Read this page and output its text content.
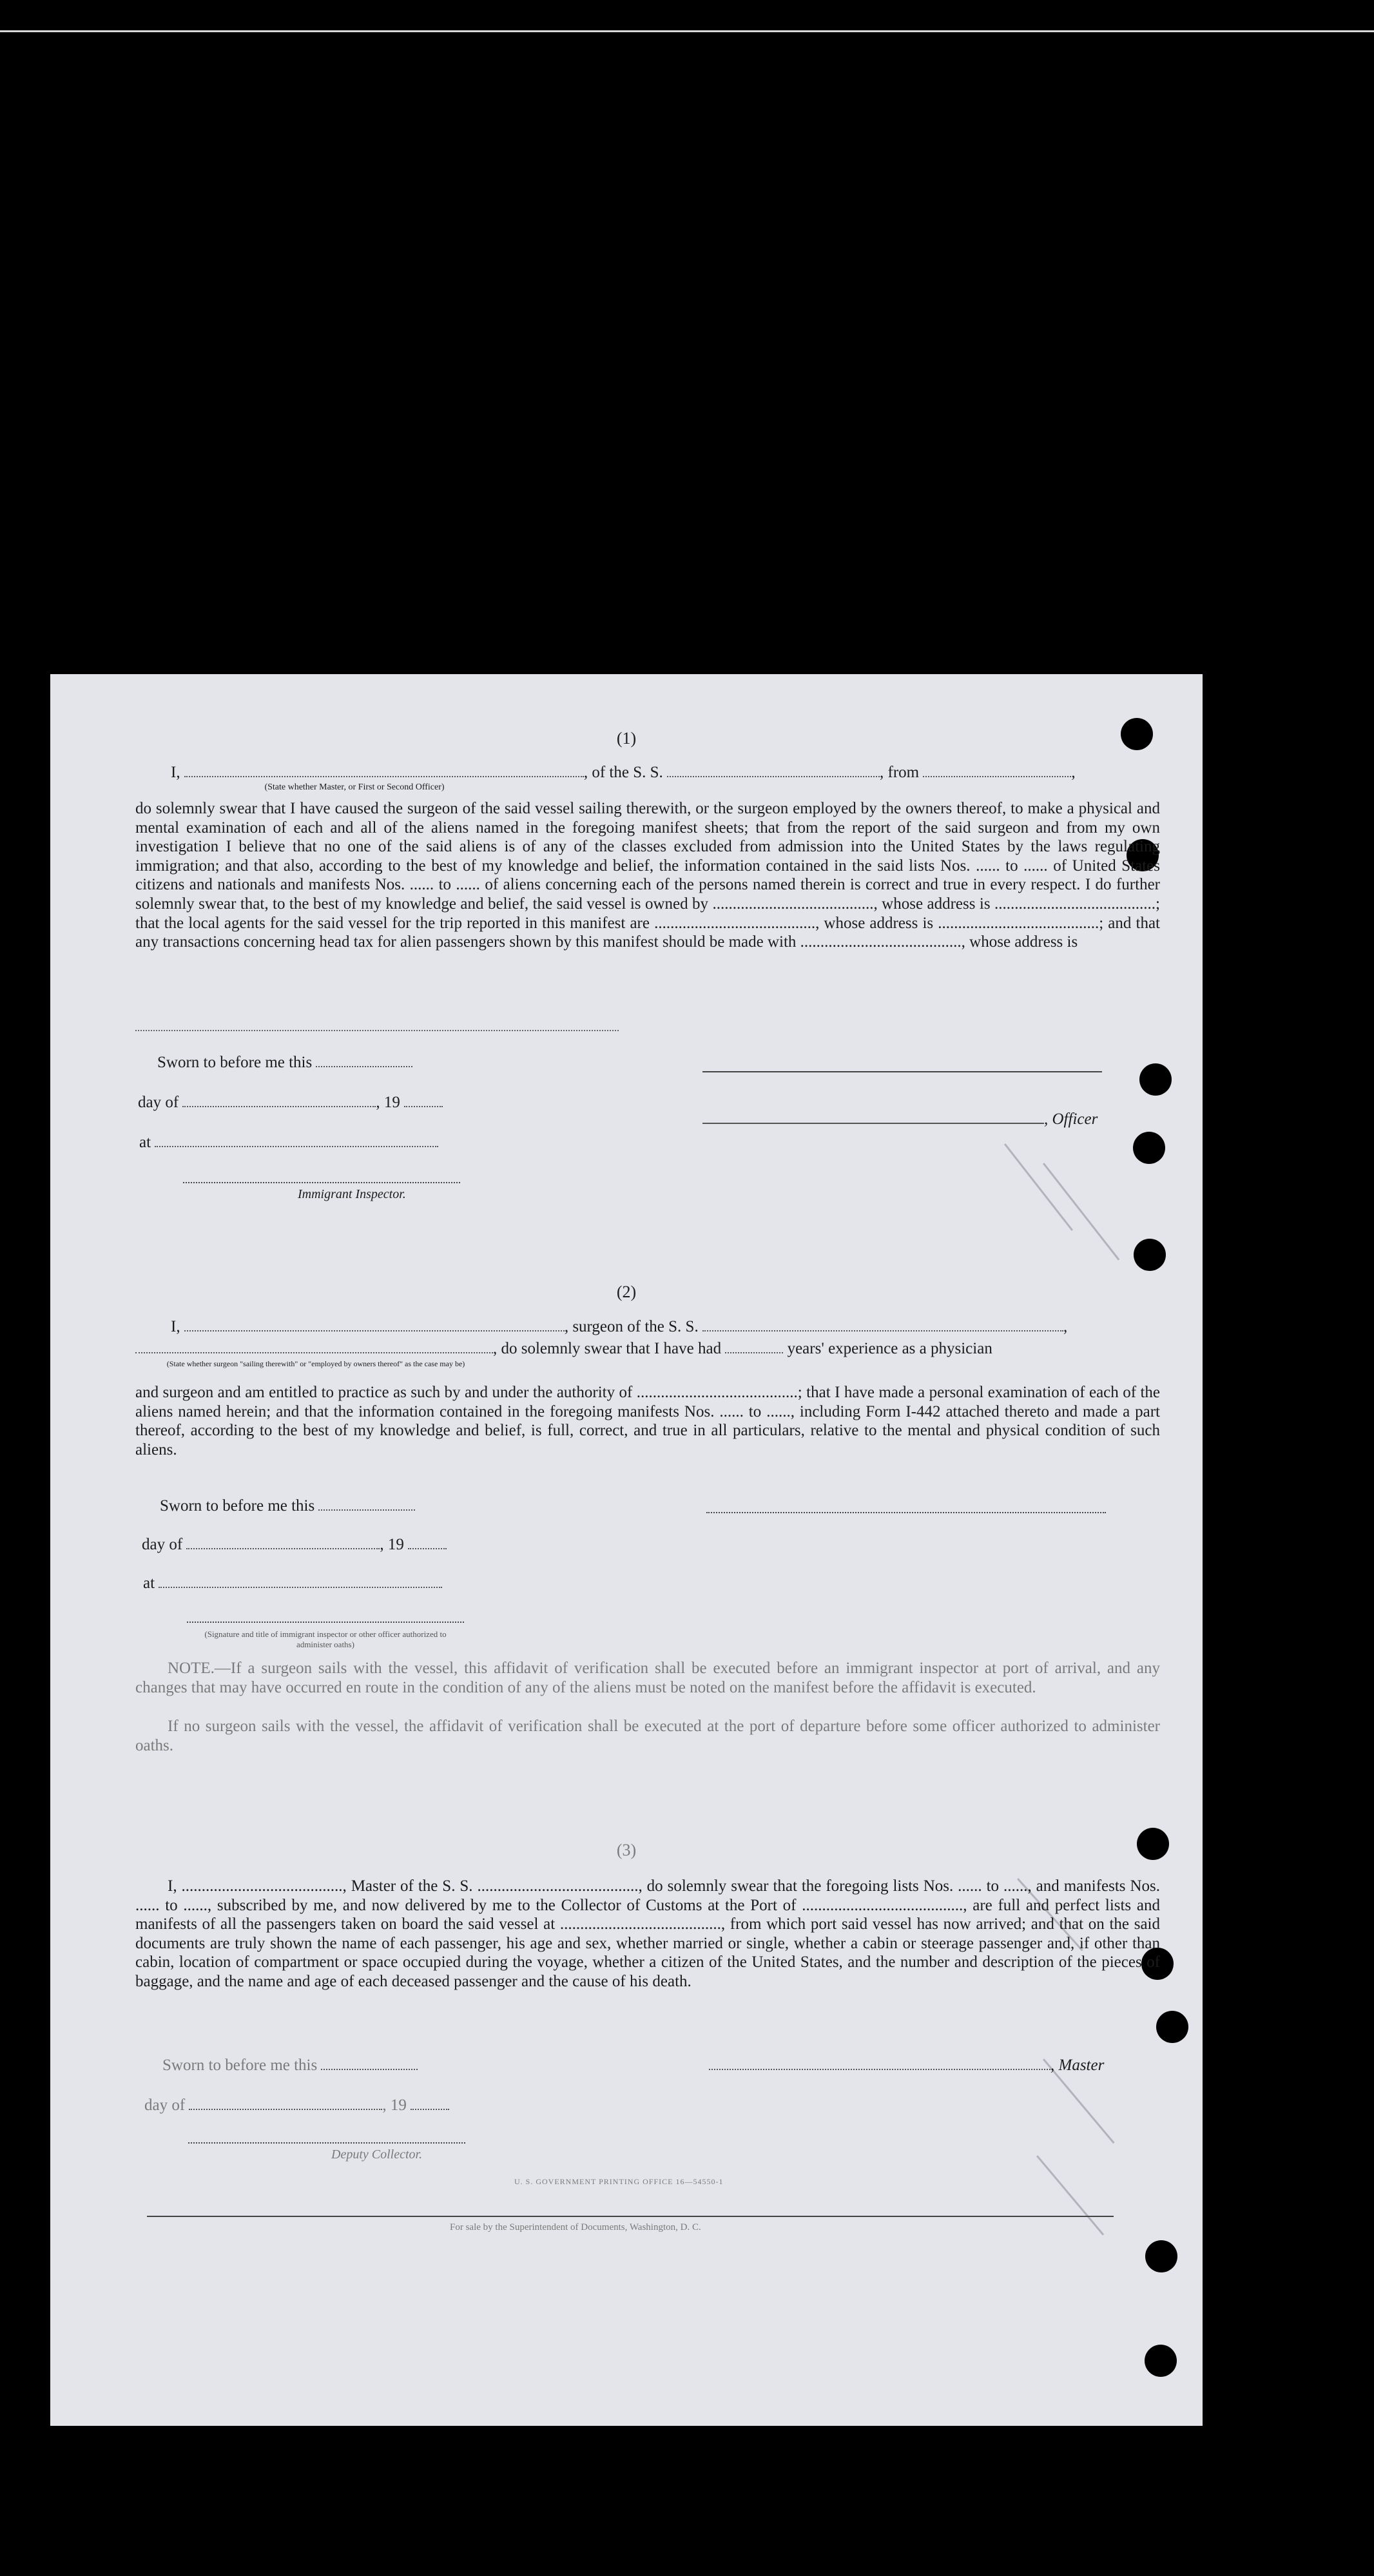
(1)
I,	, of the S. S.	, from	,
(State whether Master, or First or Second Officer)

do solemnly swear that I have caused the surgeon of the said vessel sailing therewith, or the surgeon employed by the owners thereof, to make a physical and mental examination of each and all of the aliens named in the foregoing manifest sheets; that from the report of the said surgeon and from my own investigation I believe that no one of the said aliens is of any of the classes excluded from admission into the United States by the laws regulating immigration; and that also, according to the best of my knowledge and belief, the information contained in the said lists Nos. ...... to ...... of United States citizens and nationals and manifests Nos. ...... to ...... of aliens concerning each of the persons named therein is correct and true in every respect. I do further solemnly swear that, to the best of my knowledge and belief, the said vessel is owned by ........................................, whose address is ........................................; that the local agents for the said vessel for the trip reported in this manifest are ........................................, whose address is ........................................; and that any transactions concerning head tax for alien passengers shown by this manifest should be made with ........................................, whose address is

Sworn to before me this
day of	, 19
at
Immigrant Inspector.
, Officer
(2)
I,	, surgeon of the S. S.	,
, do solemnly swear that I have had	years' experience as a physician
(State whether surgeon "sailing therewith" or "employed by owners thereof" as the case may be)

and surgeon and am entitled to practice as such by and under the authority of ........................................; that I have made a personal examination of each of the aliens named herein; and that the information contained in the foregoing manifests Nos. ...... to ......, including Form I-442 attached thereto and made a part thereof, according to the best of my knowledge and belief, is full, correct, and true in all particulars, relative to the mental and physical condition of such aliens.

Sworn to before me this
day of	, 19
at
(Signature and title of immigrant inspector or other officer authorized to administer oaths)

NOTE.—If a surgeon sails with the vessel, this affidavit of verification shall be executed before an immigrant inspector at port of arrival, and any changes that may have occurred en route in the condition of any of the aliens must be noted on the manifest before the affidavit is executed.

If no surgeon sails with the vessel, the affidavit of verification shall be executed at the port of departure before some officer authorized to administer oaths.

(3)

I, ........................................, Master of the S. S. ........................................, do solemnly swear that the foregoing lists Nos. ...... to ......, and manifests Nos. ...... to ......, subscribed by me, and now delivered by me to the Collector of Customs at the Port of ........................................, are full and perfect lists and manifests of all the passengers taken on board the said vessel at ........................................, from which port said vessel has now arrived; and that on the said documents are truly shown the name of each passenger, his age and sex, whether married or single, whether a cabin or steerage passenger and, if other than cabin, location of compartment or space occupied during the voyage, whether a citizen of the United States, and the number and description of the pieces of baggage, and the name and age of each deceased passenger and the cause of his death.

Sworn to before me this	, Master
day of	, 19
Deputy Collector.
U. S. GOVERNMENT PRINTING OFFICE 16—54550-1
For sale by the Superintendent of Documents, Washington, D. C.
